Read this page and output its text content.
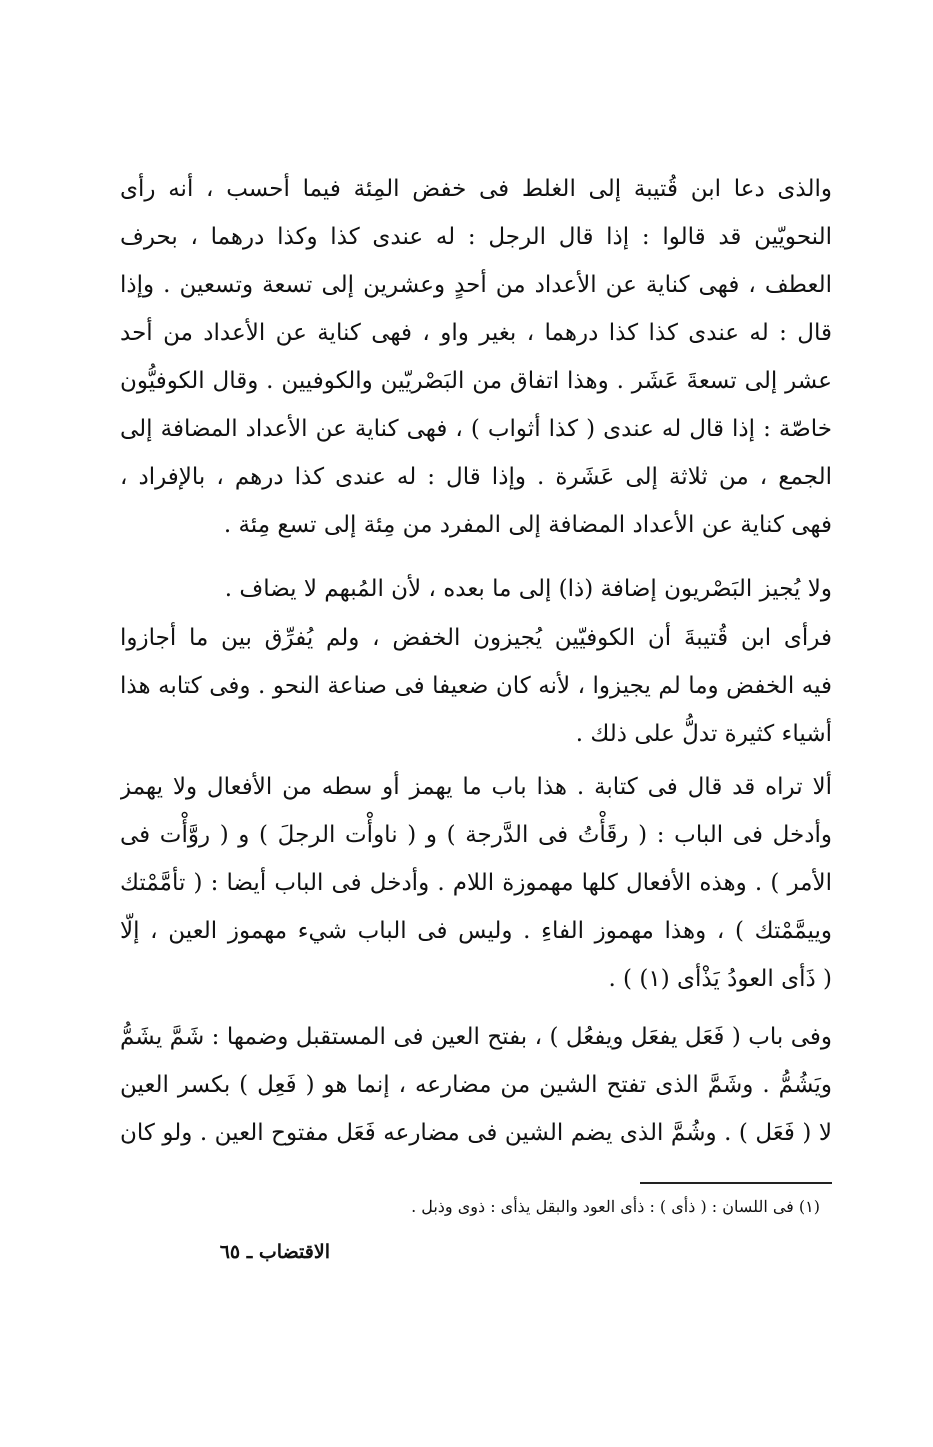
والذى دعا ابن قُتيبة إلى الغلط فى خفض المِئة فيما أحسب ، أنه رأى
النحويّين قد قالوا : إذا قال الرجل : له عندى كذا وكذا درهما ، بحرف
العطف ، فهى كناية عن الأعداد من أحدٍ وعشرين إلى تسعة وتسعين . وإذا
قال : له عندى كذا كذا درهما ، بغير واو ، فهى كناية عن الأعداد من أحد
عشر إلى تسعةَ عَشَر . وهذا اتفاق من البَصْريّين والكوفيين . وقال الكوفيُّون
خاصّة : إذا قال له عندى ( كذا أثواب ) ، فهى كناية عن الأعداد المضافة إلى
الجمع ، من ثلاثة إلى عَشَرة . وإذا قال : له عندى كذا درهم ، بالإفراد ،
فهى كناية عن الأعداد المضافة إلى المفرد من مِئة إلى تسع مِئة .
ولا يُجيز البَصْريون إضافة (ذا) إلى ما بعده ، لأن المُبهم لا يضاف .
فرأى ابن قُتيبةَ أن الكوفيّين يُجيزون الخفض ، ولم يُفرِّق بين ما أجازوا
فيه الخفض وما لم يجيزوا ، لأنه كان ضعيفا فى صناعة النحو . وفى كتابه هذا
أشياء كثيرة تدلُّ على ذلك .
ألا تراه قد قال فى كتابة . هذا باب ما يهمز أو سطه من الأفعال ولا يهمز
وأدخل فى الباب : ( رقَأْتُ فى الدَّرجة ) و ( ناوأْت الرجلَ ) و ( روَّأْت فى
الأمر ) . وهذه الأفعال كلها مهموزة اللام . وأدخل فى الباب أيضا : ( تأمَّمْتك
وييمَّمْتك ) ، وهذا مهموز الفاءِ . وليس فى الباب شيء مهموز العين ، إلّا
( ذَأى العودُ يَذْأى (١) ) .
وفى باب ( فَعَل يفعَل ويفعُل ) ، بفتح العين فى المستقبل وضمها : شَمَّ يشَمُّ
ويَشُمُّ . وشَمَّ الذى تفتح الشين من مضارعه ، إنما هو ( فَعِل ) بكسر العين
لا ( فَعَل ) . وشُمَّ الذى يضم الشين فى مضارعه فَعَل مفتوح العين . ولو كان
(١) فى اللسان : ( ذأى ) : ذأى العود والبقل يذأى : ذوى وذبل .
الاقتضاب ـ ٦٥
